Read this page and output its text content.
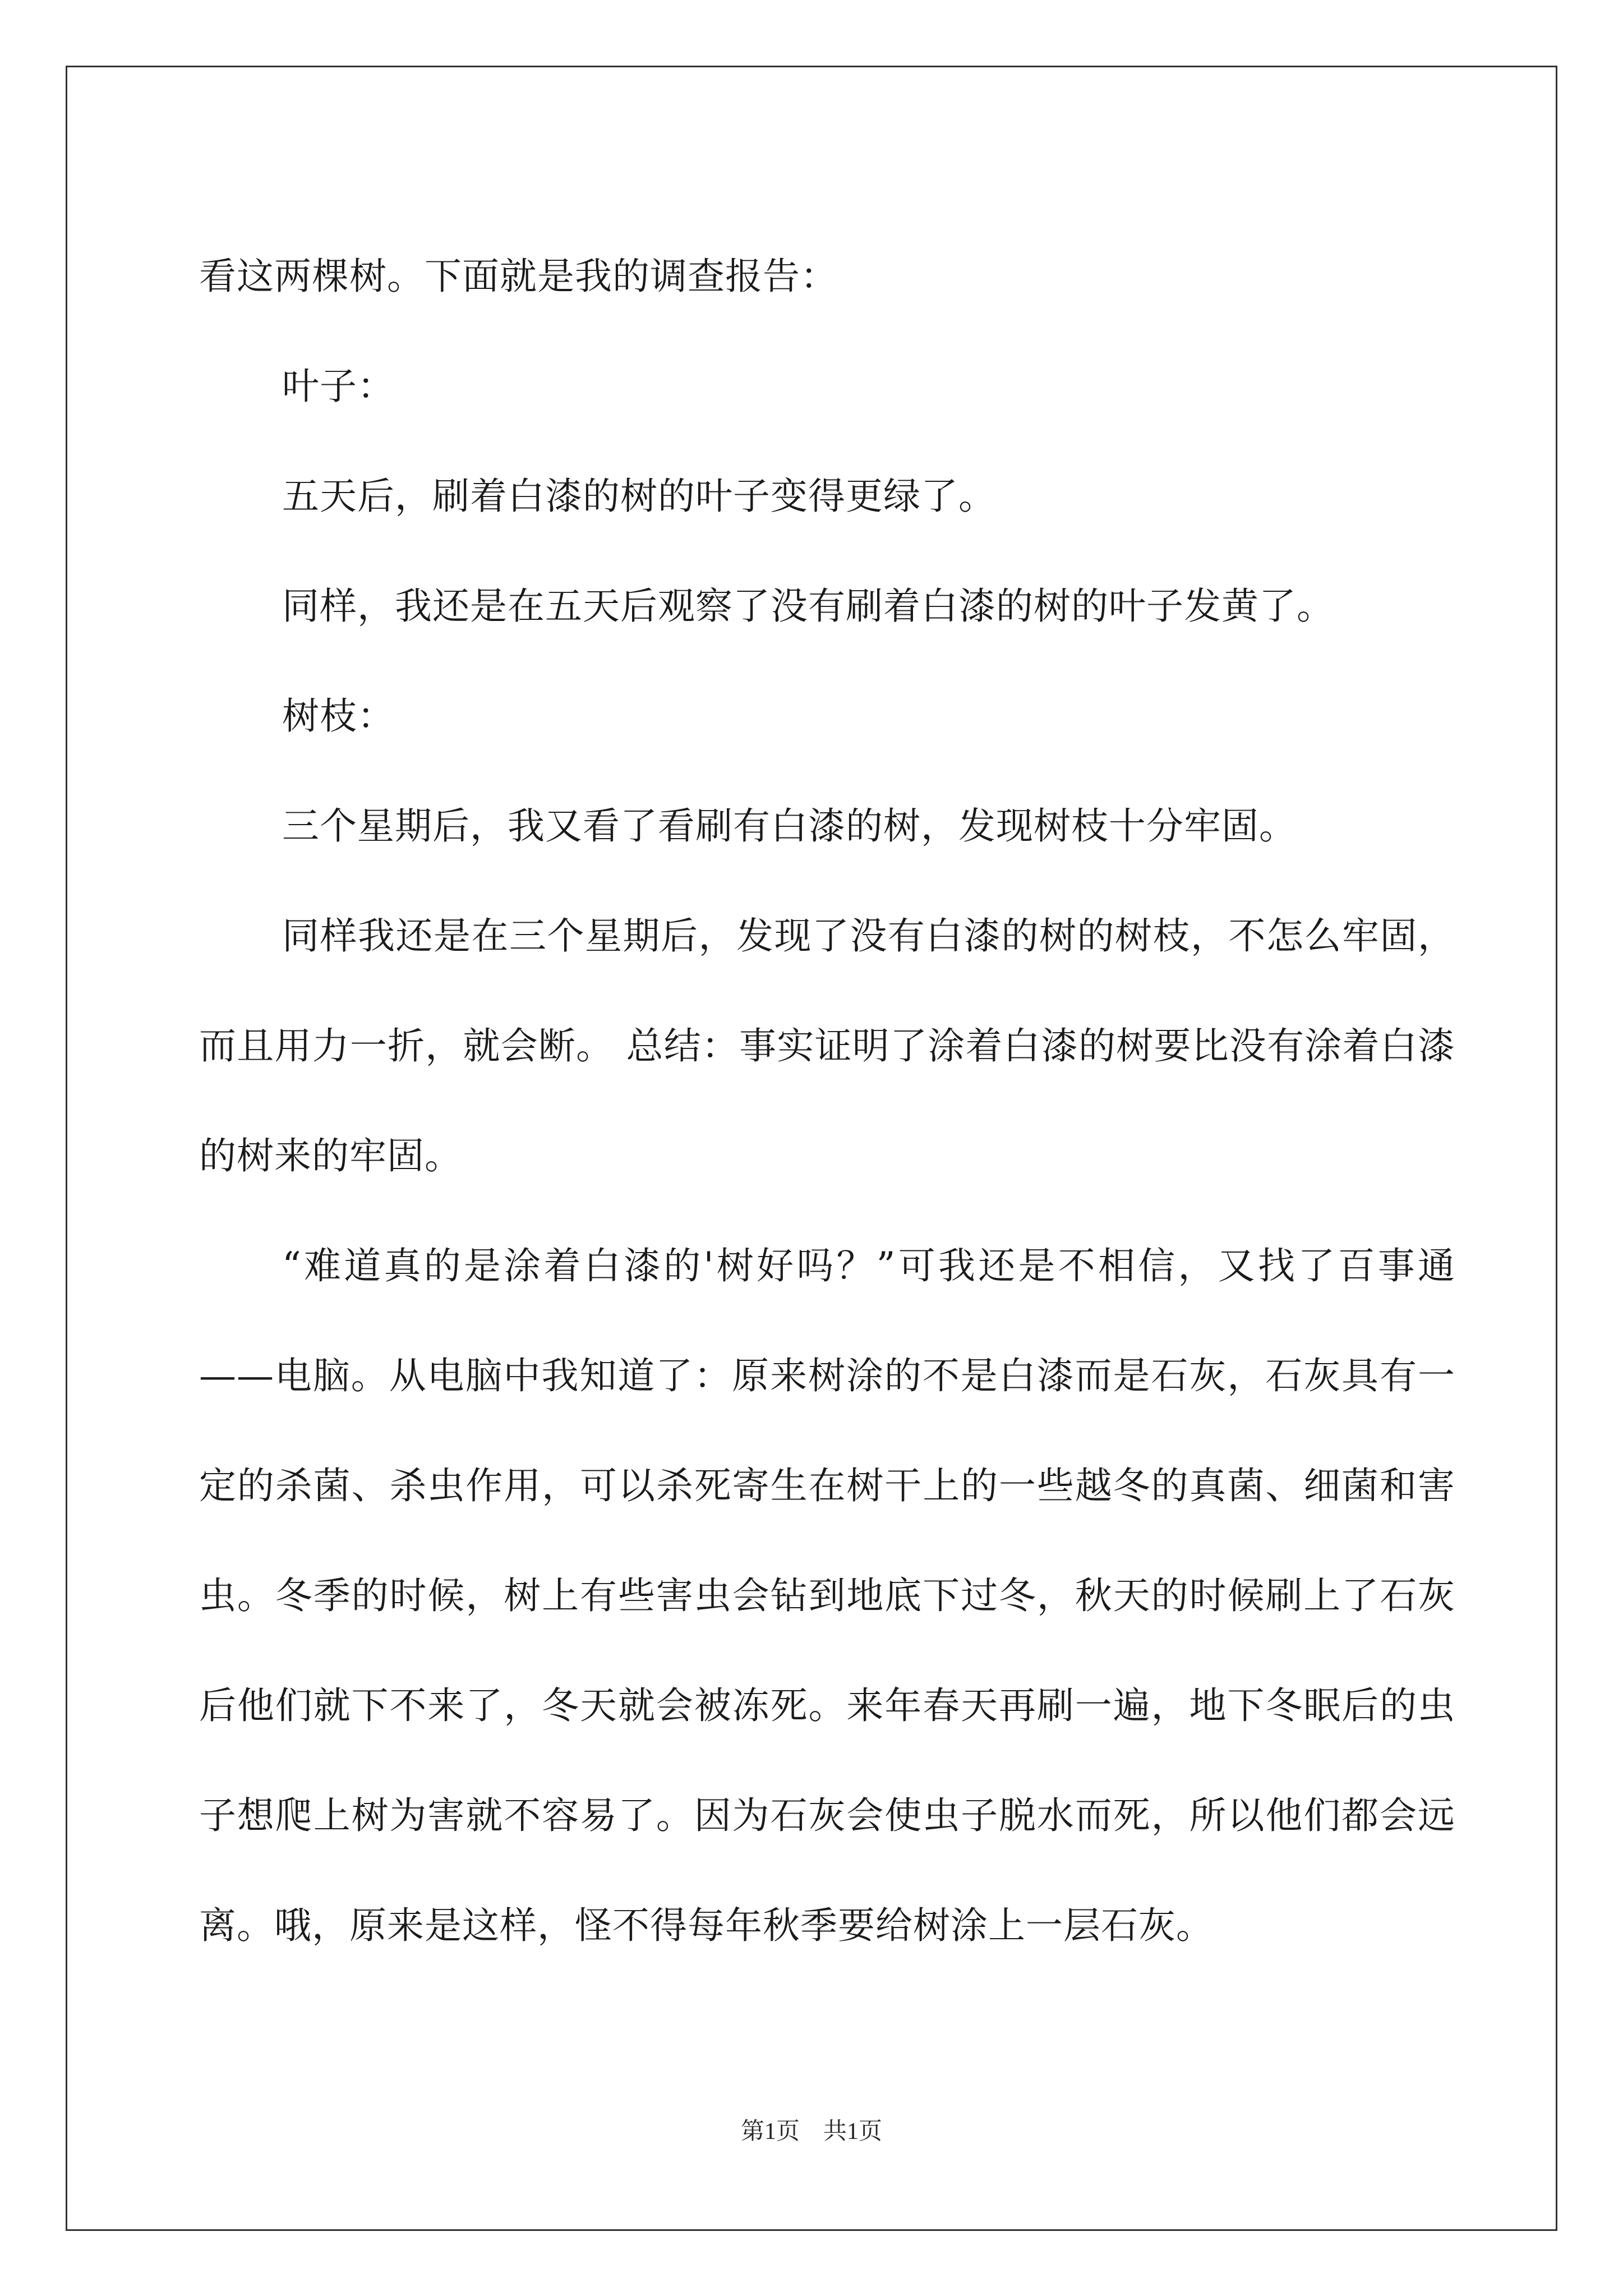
看这两棵树。下面就是我的调查报告：

叶子：

五天后，刷着白漆的树的叶子变得更绿了。

同样，我还是在五天后观察了没有刷着白漆的树的叶子发黄了。

树枝：

三个星期后，我又看了看刷有白漆的树，发现树枝十分牢固。

同样我还是在三个星期后，发现了没有白漆的树的树枝，不怎么牢固，而且用力一折，就会断。 总结：事实证明了涂着白漆的树要比没有涂着白漆的树来的牢固。

“难道真的是涂着白漆的'树好吗？”可我还是不相信，又找了百事通——电脑。从电脑中我知道了：原来树涂的不是白漆而是石灰，石灰具有一定的杀菌、杀虫作用，可以杀死寄生在树干上的一些越冬的真菌、细菌和害虫。冬季的时候，树上有些害虫会钻到地底下过冬，秋天的时候刷上了石灰后他们就下不来了，冬天就会被冻死。来年春天再刷一遍，地下冬眠后的虫子想爬上树为害就不容易了。因为石灰会使虫子脱水而死，所以他们都会远离。哦，原来是这样，怪不得每年秋季要给树涂上一层石灰。

第1页　共1页
